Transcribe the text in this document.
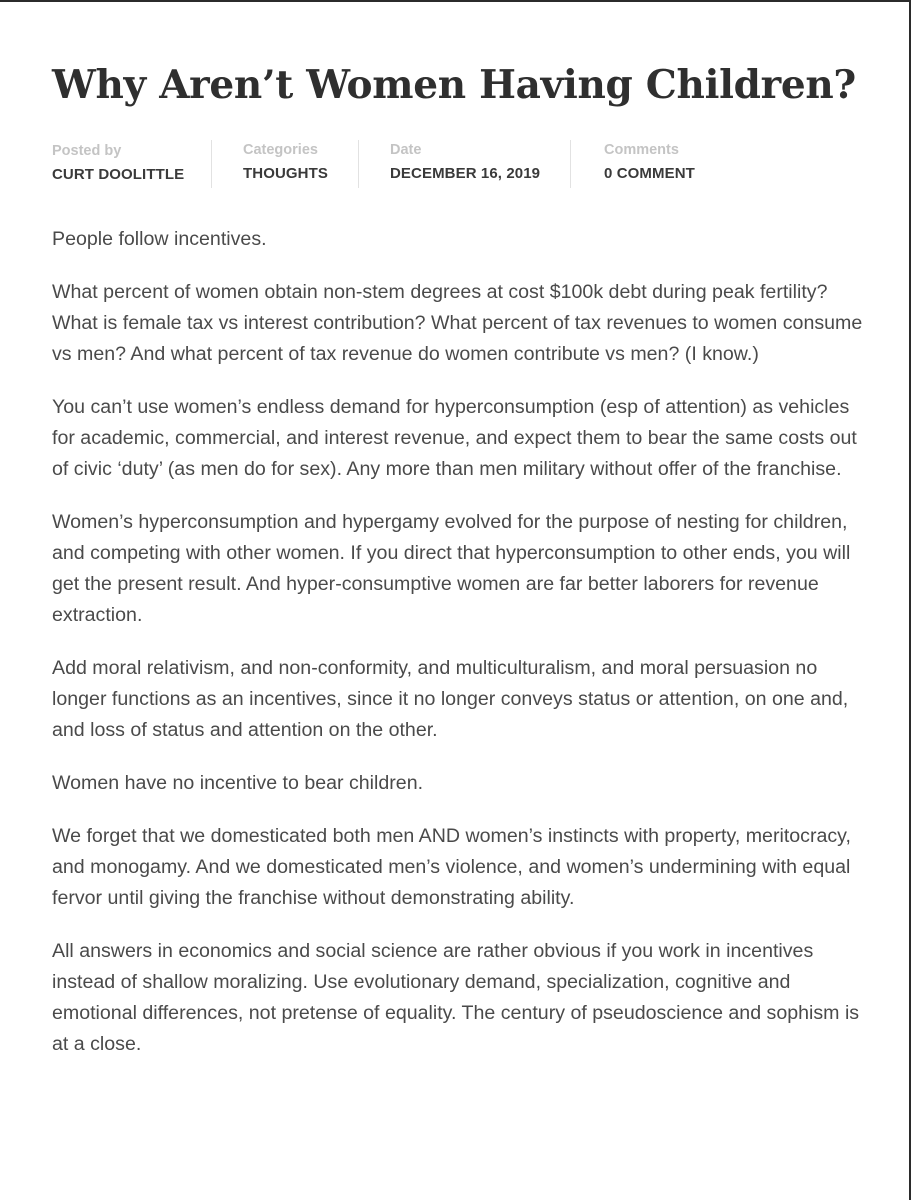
Why Aren’t Women Having Children?
Posted by
CURT DOOLITTLE
Categories
THOUGHTS
Date
DECEMBER 16, 2019
Comments
0 COMMENT

People follow incentives.

What percent of women obtain non-stem degrees at cost $100k debt during peak fertility? What is female tax vs interest contribution? What percent of tax revenues to women consume vs men? And what percent of tax revenue do women contribute vs men? (I know.)

You can’t use women’s endless demand for hyperconsumption (esp of attention) as vehicles for academic, commercial, and interest revenue, and expect them to bear the same costs out of civic ‘duty’ (as men do for sex). Any more than men military without offer of the franchise.

Women’s hyperconsumption and hypergamy evolved for the purpose of nesting for children, and competing with other women. If you direct that hyperconsumption to other ends, you will get the present result. And hyper-consumptive women are far better laborers for revenue extraction.

Add moral relativism, and non-conformity, and multiculturalism, and moral persuasion no longer functions as an incentives, since it no longer conveys status or attention, on one and, and loss of status and attention on the other.

Women have no incentive to bear children.

We forget that we domesticated both men AND women’s instincts with property, meritocracy, and monogamy. And we domesticated men’s violence, and women’s undermining with equal fervor until giving the franchise without demonstrating ability.

All answers in economics and social science are rather obvious if you work in incentives instead of shallow moralizing. Use evolutionary demand, specialization, cognitive and emotional differences, not pretense of equality. The century of pseudoscience and sophism is at a close.
